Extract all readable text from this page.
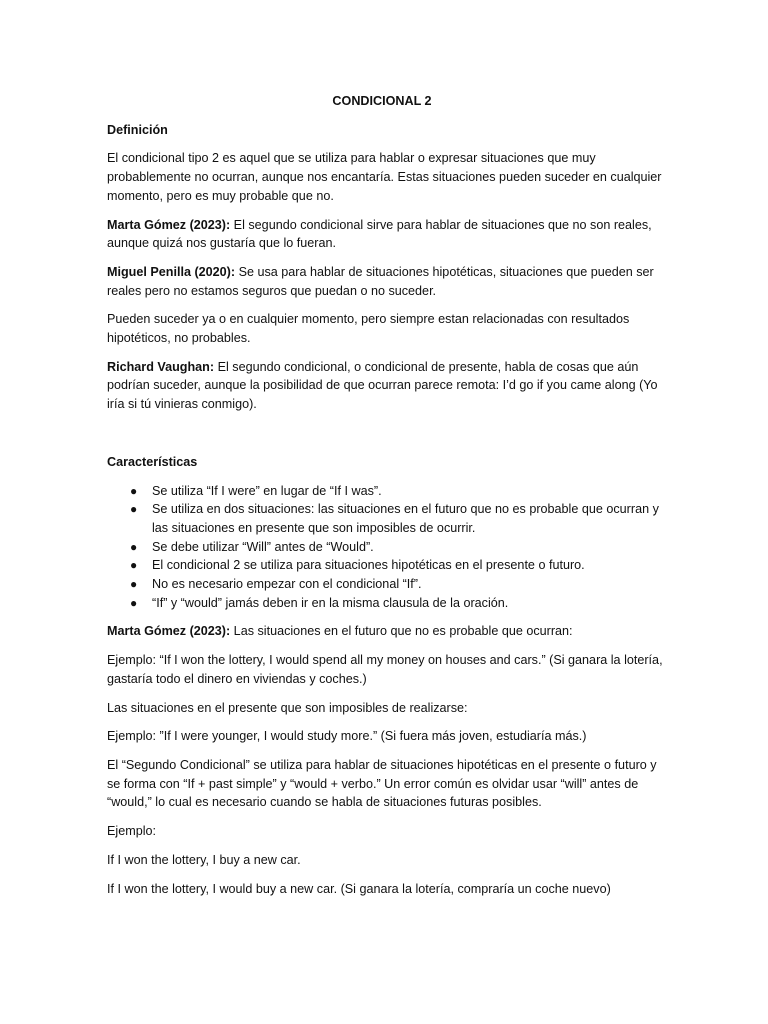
CONDICIONAL 2
Definición

El condicional tipo 2 es aquel que se utiliza para hablar o expresar situaciones que muy probablemente no ocurran, aunque nos encantaría. Estas situaciones pueden suceder en cualquier momento, pero es muy probable que no.

Marta Gómez (2023): El segundo condicional sirve para hablar de situaciones que no son reales, aunque quizá nos gustaría que lo fueran.

Miguel Penilla (2020): Se usa para hablar de situaciones hipotéticas, situaciones que pueden ser reales pero no estamos seguros que puedan o no suceder.

Pueden suceder ya o en cualquier momento, pero siempre estan relacionadas con resultados hipotéticos, no probables.

Richard Vaughan: El segundo condicional, o condicional de presente, habla de cosas que aún podrían suceder, aunque la posibilidad de que ocurran parece remota: I’d go if you came along (Yo iría si tú vinieras conmigo).

Características
● Se utiliza “If I were” en lugar de “If I was”.
● Se utiliza en dos situaciones: las situaciones en el futuro que no es probable que ocurran y las situaciones en presente que son imposibles de ocurrir.
● Se debe utilizar “Will” antes de “Would”.
● El condicional 2 se utiliza para situaciones hipotéticas en el presente o futuro.
● No es necesario empezar con el condicional “If”.
● “If” y “would” jamás deben ir en la misma clausula de la oración.

Marta Gómez (2023): Las situaciones en el futuro que no es probable que ocurran:

Ejemplo: “If I won the lottery, I would spend all my money on houses and cars.” (Si ganara la lotería, gastaría todo el dinero en viviendas y coches.)

Las situaciones en el presente que son imposibles de realizarse:

Ejemplo: ”If I were younger, I would study more.” (Si fuera más joven, estudiaría más.)

El “Segundo Condicional” se utiliza para hablar de situaciones hipotéticas en el presente o futuro y se forma con “If + past simple” y “would + verbo.” Un error común es olvidar usar “will” antes de “would,” lo cual es necesario cuando se habla de situaciones futuras posibles.

Ejemplo:

If I won the lottery, I buy a new car.

If I won the lottery, I would buy a new car. (Si ganara la lotería, compraría un coche nuevo)
